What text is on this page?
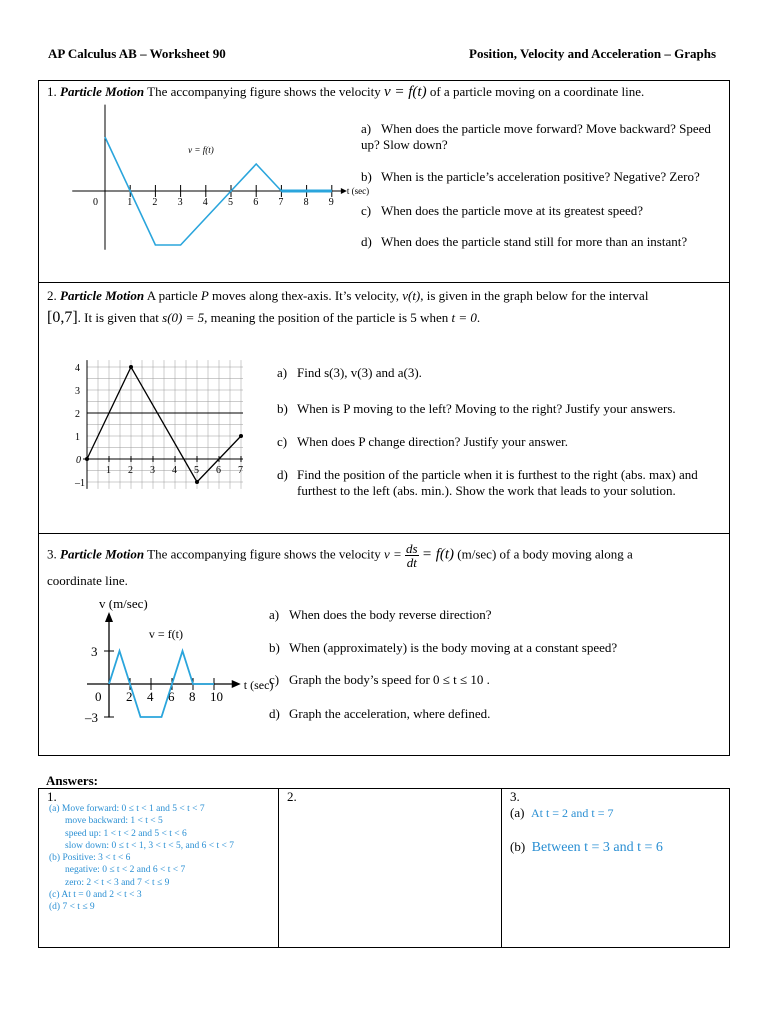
AP Calculus AB – Worksheet 90	Position, Velocity and Acceleration – Graphs
1. Particle Motion The accompanying figure shows the velocity v = f(t) of a particle moving on a coordinate line.
t (sec)
0	1 2 3 4 5 6 7 8 9
v = f(t)
a) When does the particle move forward? Move backward? Speed up? Slow down?
b) When is the particle’s acceleration positive? Negative? Zero?
c) When does the particle move at its greatest speed?
d) When does the particle stand still for more than an instant?
2. Particle Motion A particle P moves along thex-axis. It’s velocity, v(t), is given in the graph below for the interval
[0,7]. It is given that s(0) = 5, meaning the position of the particle is 5 when t = 0.
1 2 3 4 5 6 7
4
3
2
1
0
–1
a) Find s(3), v(3) and a(3).
b) When is P moving to the left? Moving to the right? Justify your answers.
c) When does P change direction? Justify your answer.
d) Find the position of the particle when it is furthest to the right (abs. max) and furthest to the left (abs. min.). Show the work that leads to your solution.
3. Particle Motion The accompanying figure shows the velocity $v = \frac{ds}{dt} = f(t)$ (m/sec) of a body moving along a
coordinate line.
v (m/sec)
t (sec)
v = f(t)
0 2 4 6 8 10
3
–3
a) When does the body reverse direction?
b) When (approximately) is the body moving at a constant speed?
c) Graph the body’s speed for 0 ≤ t ≤ 10 .
d) Graph the acceleration, where defined.
Answers:
1.
(a) Move forward: 0 ≤ t < 1 and 5 < t < 7
move backward: 1 < t < 5
speed up: 1 < t < 2 and 5 < t < 6
slow down: 0 ≤ t < 1, 3 < t < 5, and 6 < t < 7
(b) Positive: 3 < t < 6
negative: 0 ≤ t < 2 and 6 < t < 7
zero: 2 < t < 3 and 7 < t ≤ 9
(c) At t = 0 and 2 < t < 3
(d) 7 < t ≤ 9
2.	3.
(a) At t = 2 and t = 7
(b) Between t = 3 and t = 6
